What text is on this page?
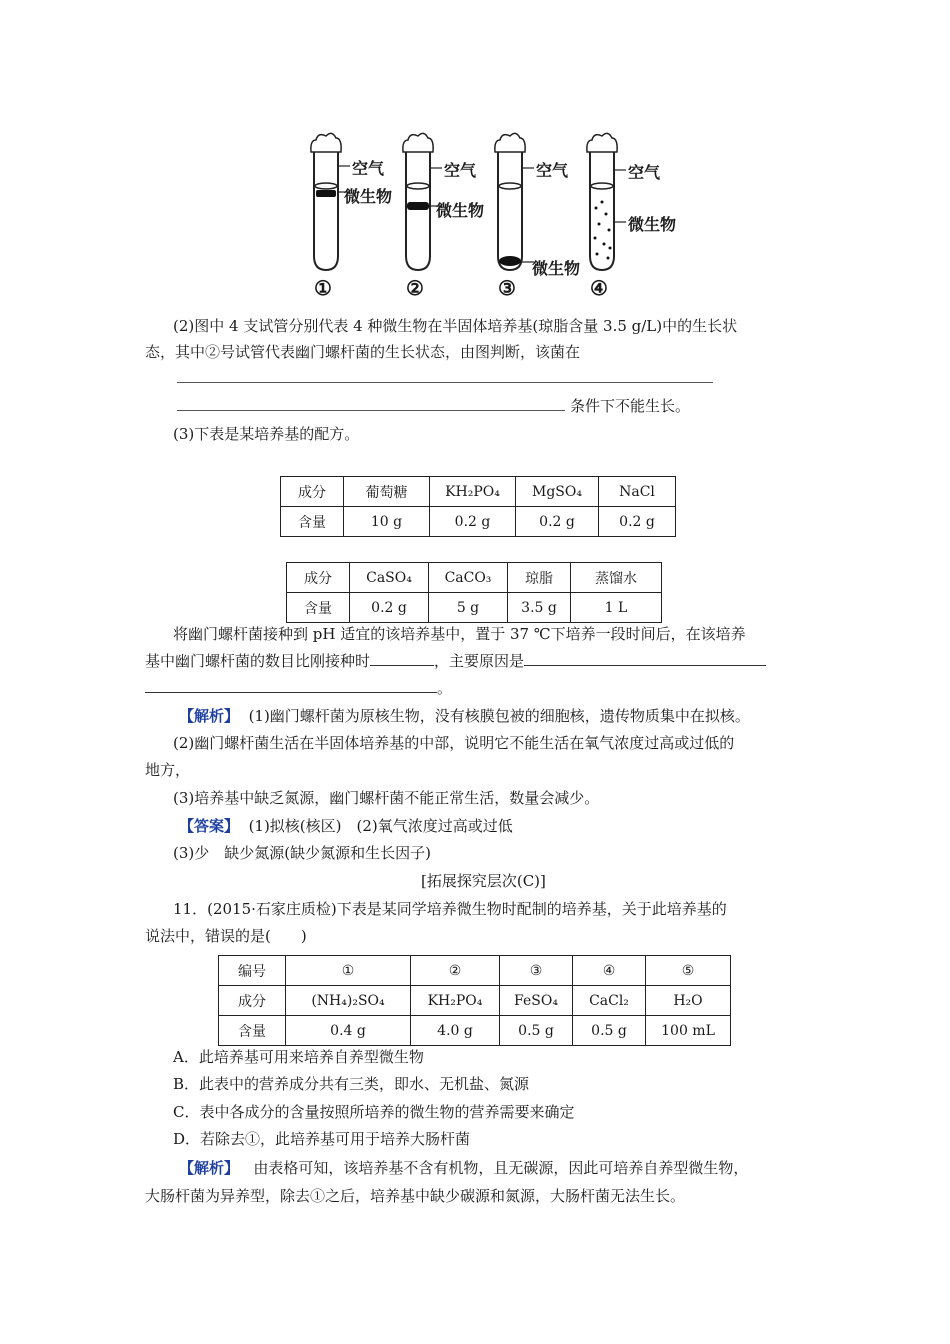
空气
微生物
空气
微生物
空气
微生物
空气
微生物
①	②	③	④
(2)图中 4 支试管分别代表 4 种微生物在半固体培养基(琼脂含量 3.5 g/L)中的生长状
态，其中②号试管代表幽门螺杆菌的生长状态，由图判断，该菌在
条件下不能生长。
(3)下表是某培养基的配方。
成分	葡萄糖	KH₂PO₄	MgSO₄	NaCl
含量	10 g	0.2 g	0.2 g	0.2 g
成分	CaSO₄	CaCO₃	琼脂	蒸馏水
含量	0.2 g	5 g	3.5 g	1 L
将幽门螺杆菌接种到 pH 适宜的该培养基中，置于 37 ℃下培养一段时间后，在该培养
基中幽门螺杆菌的数目比刚接种时	，主要原因是
。
【解析】 (1)幽门螺杆菌为原核生物，没有核膜包被的细胞核，遗传物质集中在拟核。
(2)幽门螺杆菌生活在半固体培养基的中部，说明它不能生活在氧气浓度过高或过低的
地方，
(3)培养基中缺乏氮源，幽门螺杆菌不能正常生活，数量会减少。
【答案】 (1)拟核(核区)　(2)氧气浓度过高或过低
(3)少　缺少氮源(缺少氮源和生长因子)
[拓展探究层次(C)]
11．(2015·石家庄质检)下表是某同学培养微生物时配制的培养基，关于此培养基的
说法中，错误的是(　　)
编号	①	②	③	④	⑤
成分	(NH₄)₂SO₄	KH₂PO₄	FeSO₄	CaCl₂	H₂O
含量	0.4 g	4.0 g	0.5 g	0.5 g	100 mL
A．此培养基可用来培养自养型微生物
B．此表中的营养成分共有三类，即水、无机盐、氮源
C．表中各成分的含量按照所培养的微生物的营养需要来确定
D．若除去①，此培养基可用于培养大肠杆菌
【解析】 由表格可知，该培养基不含有机物，且无碳源，因此可培养自养型微生物，
大肠杆菌为异养型，除去①之后，培养基中缺少碳源和氮源，大肠杆菌无法生长。
